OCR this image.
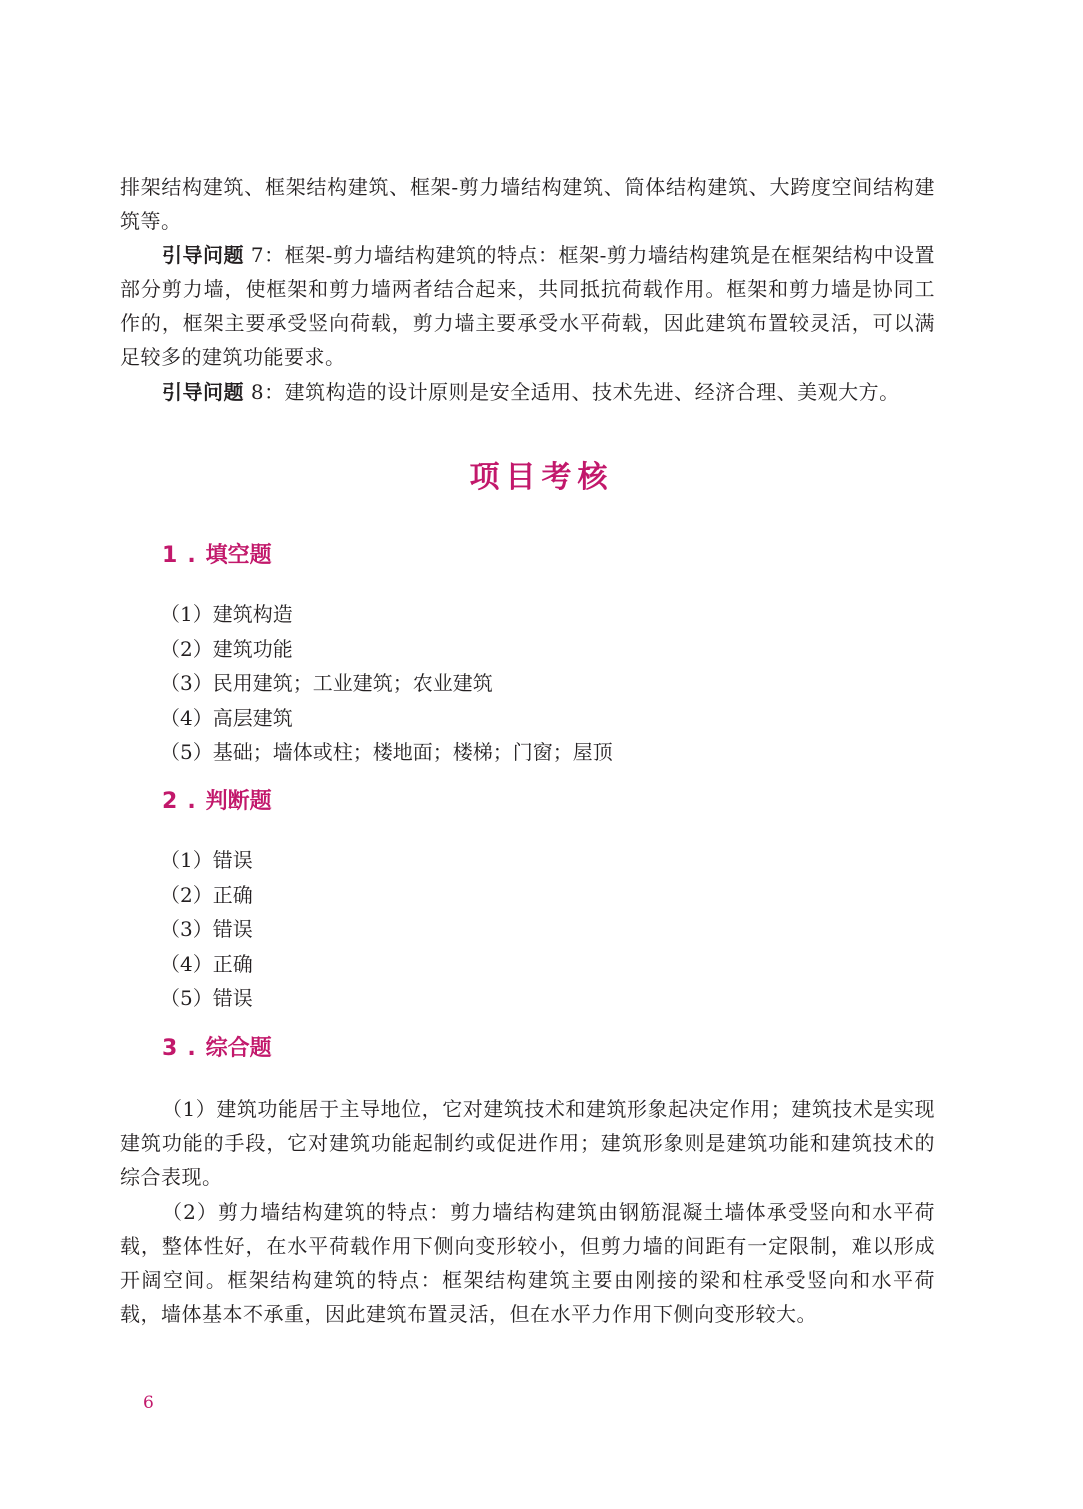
排架结构建筑、框架结构建筑、框架-剪力墙结构建筑、筒体结构建筑、大跨度空间结构建筑等。

引导问题 7：框架-剪力墙结构建筑的特点：框架-剪力墙结构建筑是在框架结构中设置部分剪力墙，使框架和剪力墙两者结合起来，共同抵抗荷载作用。框架和剪力墙是协同工作的，框架主要承受竖向荷载，剪力墙主要承受水平荷载，因此建筑布置较灵活，可以满足较多的建筑功能要求。

引导问题 8：建筑构造的设计原则是安全适用、技术先进、经济合理、美观大方。

项目考核
1 . 填空题
（1）建筑构造
（2）建筑功能
（3）民用建筑；工业建筑；农业建筑
（4）高层建筑
（5）基础；墙体或柱；楼地面；楼梯；门窗；屋顶
2 . 判断题
（1）错误
（2）正确
（3）错误
（4）正确
（5）错误
3 . 综合题

（1）建筑功能居于主导地位，它对建筑技术和建筑形象起决定作用；建筑技术是实现建筑功能的手段，它对建筑功能起制约或促进作用；建筑形象则是建筑功能和建筑技术的综合表现。

（2）剪力墙结构建筑的特点：剪力墙结构建筑由钢筋混凝土墙体承受竖向和水平荷载，整体性好，在水平荷载作用下侧向变形较小，但剪力墙的间距有一定限制，难以形成开阔空间。框架结构建筑的特点：框架结构建筑主要由刚接的梁和柱承受竖向和水平荷载，墙体基本不承重，因此建筑布置灵活，但在水平力作用下侧向变形较大。

6
